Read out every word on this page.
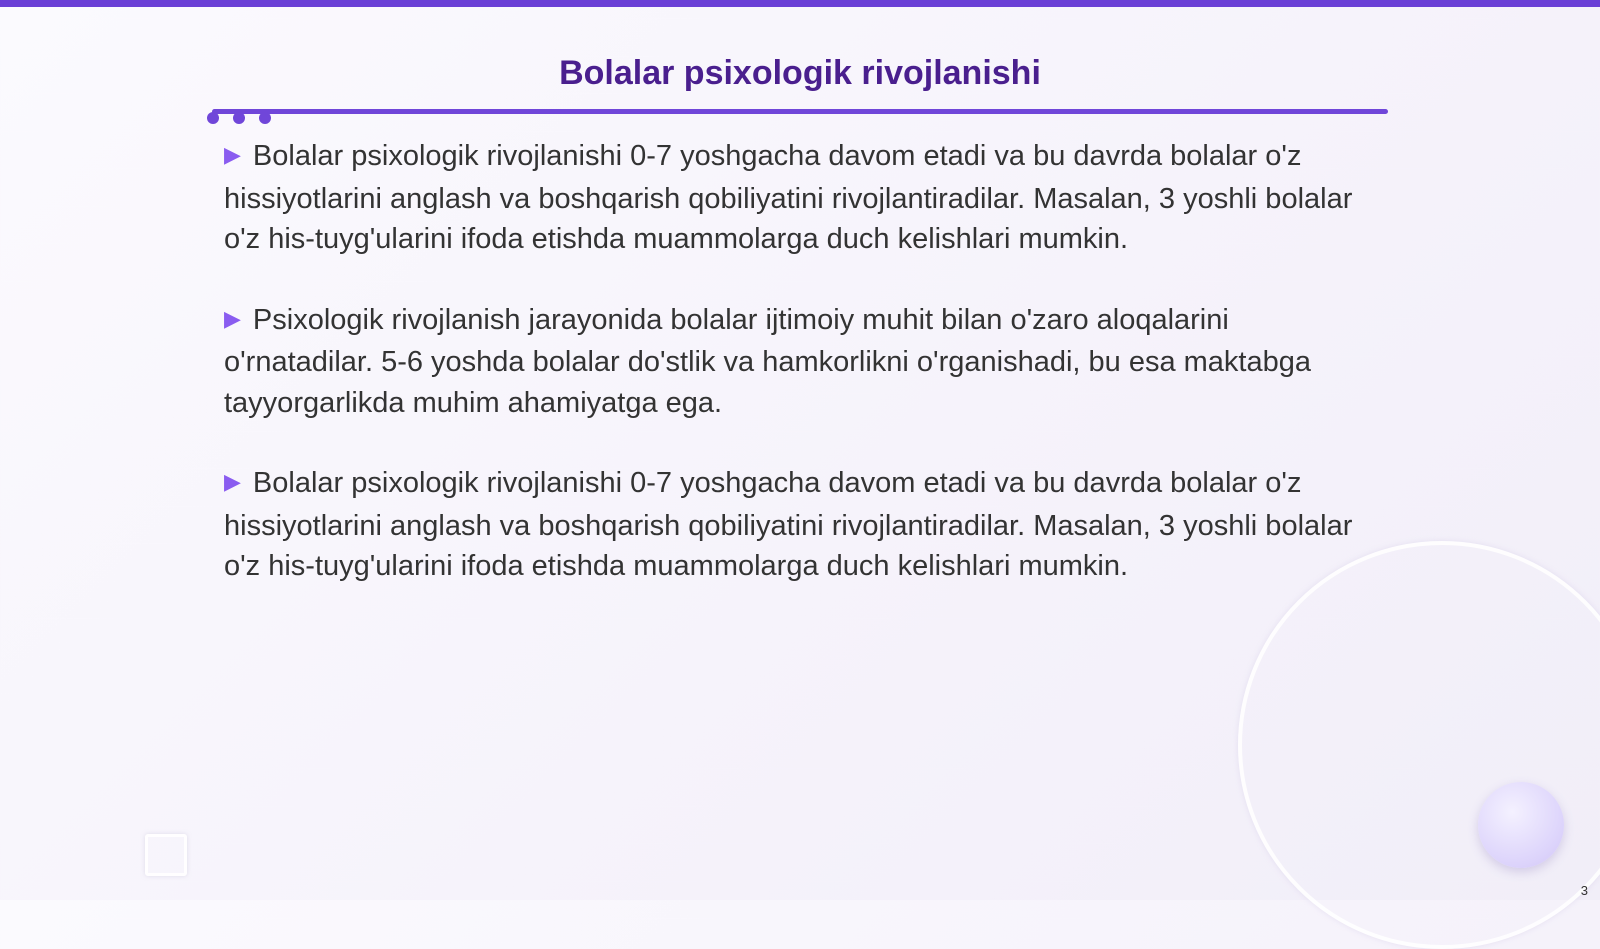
Bolalar psixologik rivojlanishi

▶ Bolalar psixologik rivojlanishi 0-7 yoshgacha davom etadi va bu davrda bolalar o'z hissiyotlarini anglash va boshqarish qobiliyatini rivojlantiradilar. Masalan, 3 yoshli bolalar o'z his-tuyg'ularini ifoda etishda muammolarga duch kelishlari mumkin.

▶ Psixologik rivojlanish jarayonida bolalar ijtimoiy muhit bilan o'zaro aloqalarini o'rnatadilar. 5-6 yoshda bolalar do'stlik va hamkorlikni o'rganishadi, bu esa maktabga tayyorgarlikda muhim ahamiyatga ega.

▶ Bolalar psixologik rivojlanishi 0-7 yoshgacha davom etadi va bu davrda bolalar o'z hissiyotlarini anglash va boshqarish qobiliyatini rivojlantiradilar. Masalan, 3 yoshli bolalar o'z his-tuyg'ularini ifoda etishda muammolarga duch kelishlari mumkin.

3
